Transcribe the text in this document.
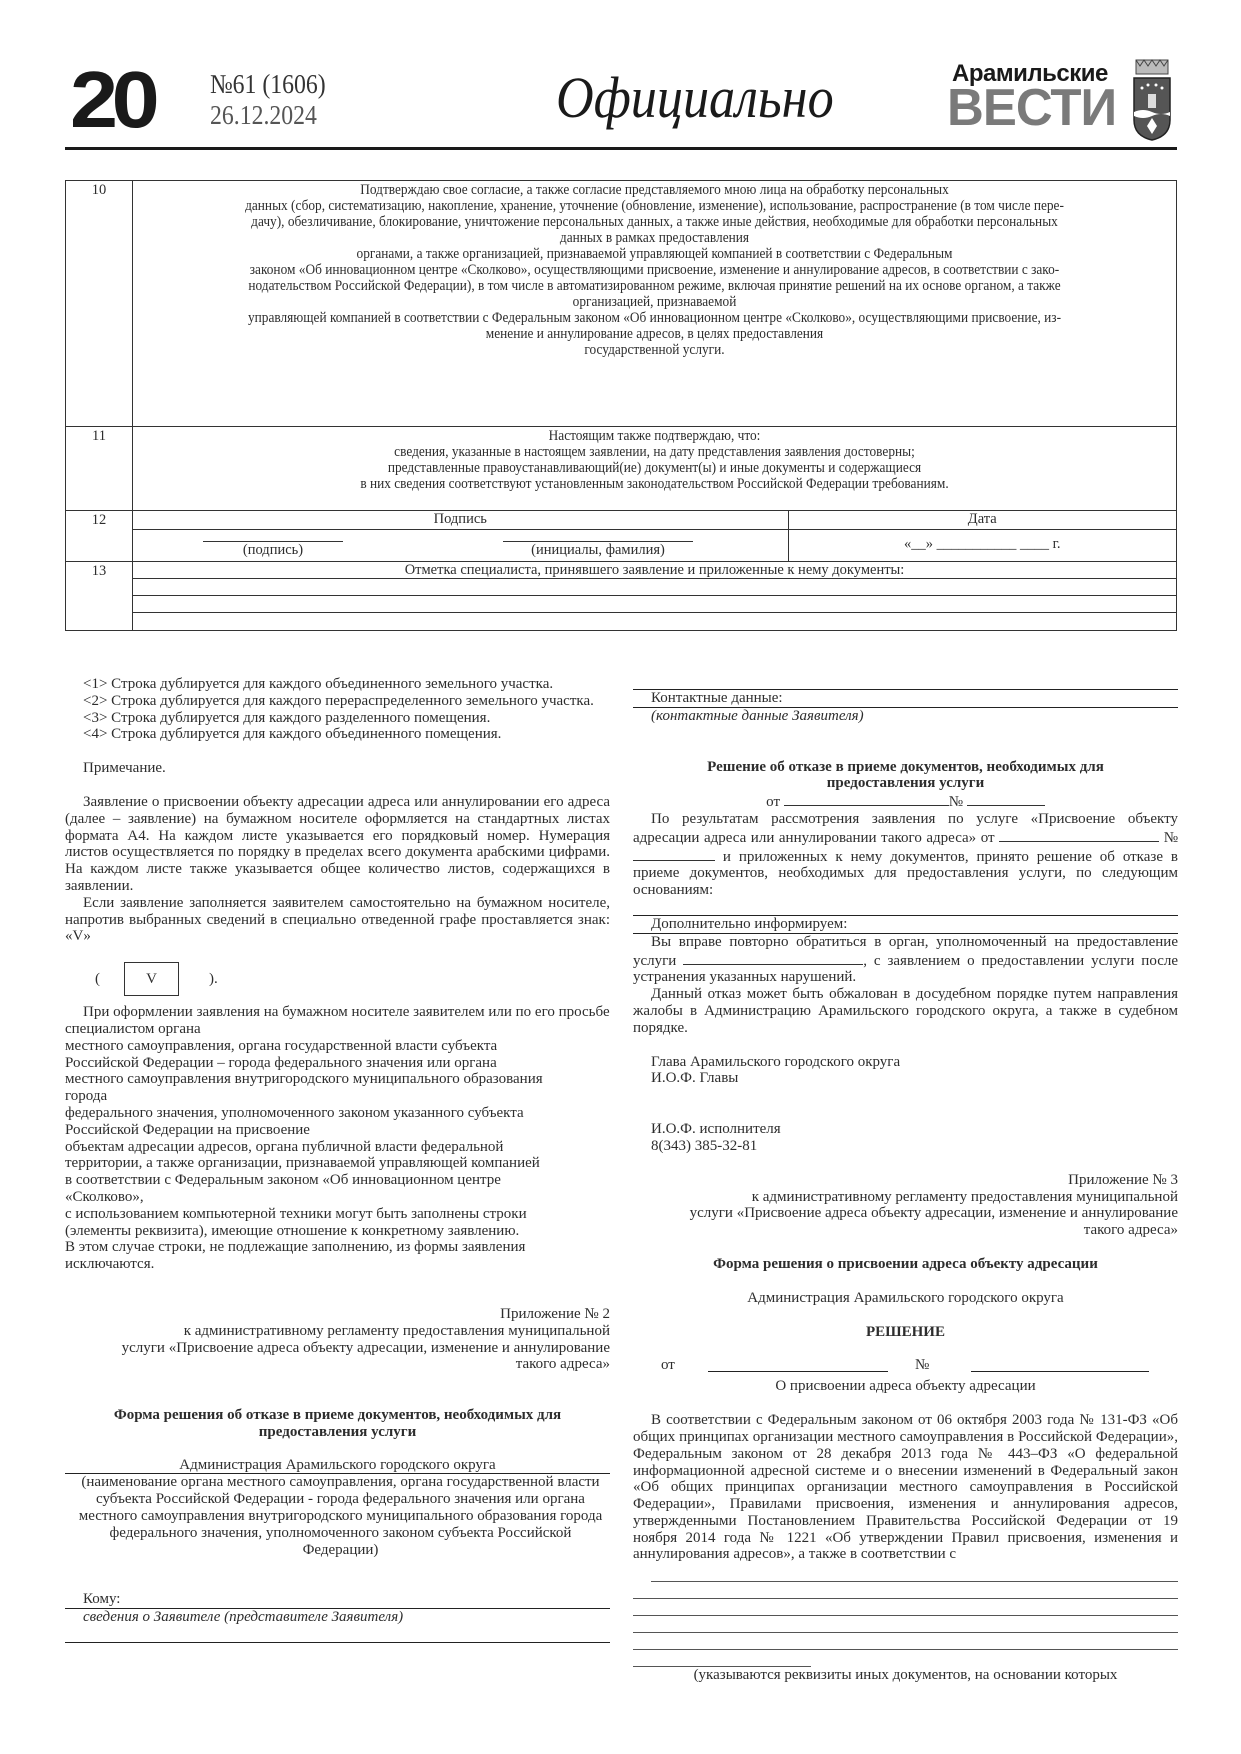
20 №61 (1606)
26.12.2024	Официально	Арамильские
ВЕСТИ
10	Подтверждаю свое согласие, а также согласие представляемого мною лица на обработку персональных
данных (сбор, систематизацию, накопление, хранение, уточнение (обновление, изменение), использование, распространение (в том числе пере-
дачу), обезличивание, блокирование, уничтожение персональных данных, а также иные действия, необходимые для обработки персональных
данных в рамках предоставления
органами, а также организацией, признаваемой управляющей компанией в соответствии с Федеральным
законом «Об инновационном центре «Сколково», осуществляющими присвоение, изменение и аннулирование адресов, в соответствии с зако-
нодательством Российской Федерации), в том числе в автоматизированном режиме, включая принятие решений на их основе органом, а также
организацией, признаваемой
управляющей компанией в соответствии с Федеральным законом «Об инновационном центре «Сколково», осуществляющими присвоение, из-
менение и аннулирование адресов, в целях предоставления
государственной услуги.

11	Настоящим также подтверждаю, что:
сведения, указанные в настоящем заявлении, на дату представления заявления достоверны;
представленные правоустанавливающий(ие) документ(ы) и иные документы и содержащиеся
в них сведения соответствуют установленным законодательством Российской Федерации требованиям.

12		Подпись	Дата

(подпись)	(инициалы, фамилия)	«__» ___________ ____ г.

13	Отметка специалиста, принявшего заявление и приложенные к нему документы:
<1> Строка дублируется для каждого объединенного земельного участка.
<2> Строка дублируется для каждого перераспределенного земельного участка.
<3> Строка дублируется для каждого разделенного помещения.
<4> Строка дублируется для каждого объединенного помещения.
Примечание.
Заявление о присвоении объекту адресации адреса или аннулировании его адреса (далее – заявление) на бумажном носителе оформляется на стандартных листах формата А4. На каждом листе указывается его порядковый номер. Нумерация листов осуществляется по порядку в пределах всего документа арабскими цифрами. На каждом листе также указывается общее количество листов, содержащихся в заявлении.
Если заявление заполняется заявителем самостоятельно на бумажном носителе, напротив выбранных сведений в специально отведенной графе проставляется знак: «V»
(	V	).
При оформлении заявления на бумажном носителе заявителем или по его просьбе специалистом органа
местного самоуправления, органа государственной власти субъекта
Российской Федерации – города федерального значения или органа
местного самоуправления внутригородского муниципального образования
города
федерального значения, уполномоченного законом указанного субъекта
Российской Федерации на присвоение
объектам адресации адресов, органа публичной власти федеральной
территории, а также организации, признаваемой управляющей компанией
в соответствии с Федеральным законом «Об инновационном центре
«Сколково»,
с использованием компьютерной техники могут быть заполнены строки
(элементы реквизита), имеющие отношение к конкретному заявлению.
В этом случае строки, не подлежащие заполнению, из формы заявления
исключаются.
Приложение № 2
к административному регламенту предоставления муниципальной
услуги «Присвоение адреса объекту адресации, изменение и аннулирование
такого адреса»
Форма решения об отказе в приеме документов, необходимых для предоставления услуги
Администрация Арамильского городского округа
(наименование органа местного самоуправления, органа государственной власти субъекта Российской Федерации - города федерального значения или органа местного самоуправления внутригородского муниципального образования города федерального значения, уполномоченного законом субъекта Российской Федерации)
Кому:
сведения о Заявителе (представителе Заявителя)
Контактные данные:
(контактные данные Заявителя)
Решение об отказе в приеме документов, необходимых для предоставления услуги
от	№
По результатам рассмотрения заявления по услуге «Присвоение объекту адресации адреса или аннулировании такого адреса» от	№  и приложенных к нему документов, принято решение об отказе в приеме документов, необходимых для предоставления услуги, по следующим основаниям:
Дополнительно информируем:
Вы вправе повторно обратиться в орган, уполномоченный на предоставление услуги	, с заявлением о предоставлении услуги после устранения указанных нарушений.
Данный отказ может быть обжалован в досудебном порядке путем направления жалобы в Администрацию Арамильского городского округа, а также в судебном порядке.
Глава Арамильского городского округа
И.О.Ф. Главы
И.О.Ф. исполнителя
8(343) 385-32-81
Приложение № 3
к административному регламенту предоставления муниципальной
услуги «Присвоение адреса объекту адресации, изменение и аннулирование
такого адреса»
Форма решения о присвоении адреса объекту адресации
Администрация Арамильского городского округа
РЕШЕНИЕ
от	№
О присвоении адреса объекту адресации
В соответствии с Федеральным законом от 06 октября 2003 года № 131-ФЗ «Об общих принципах организации местного самоуправления в Российской Федерации», Федеральным законом от 28 декабря 2013 года № 443–ФЗ «О федеральной информационной адресной системе и о внесении изменений в Федеральный закон «Об общих принципах организации местного самоуправления в Российской Федерации», Правилами присвоения, изменения и аннулирования адресов, утвержденными Постановлением Правительства Российской Федерации от 19 ноября 2014 года № 1221 «Об утверждении Правил присвоения, изменения и аннулирования адресов», а также в соответствии с
(указываются реквизиты иных документов, на основании которых
